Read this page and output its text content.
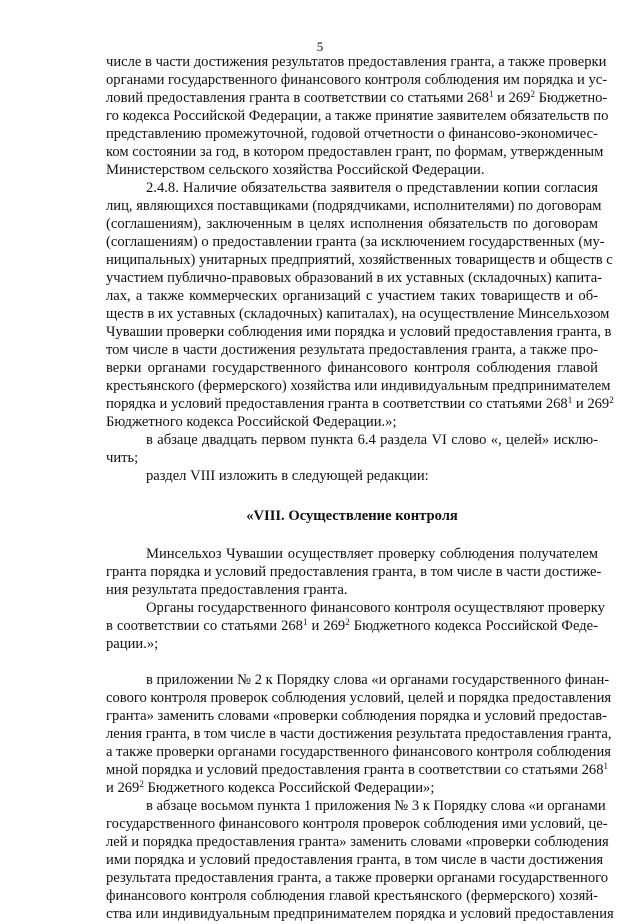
5
числе в части достижения результатов предоставления гранта, а также проверки
органами государственного финансового контроля соблюдения им порядка и ус-
ловий предоставления гранта в соответствии со статьями $268^1$ и $269^2$ Бюджетно-
го кодекса Российской Федерации, а также принятие заявителем обязательств по
представлению промежуточной, годовой отчетности о финансово-экономичес-
ком состоянии за год, в котором предоставлен грант, по формам, утвержденным
Министерством сельского хозяйства Российской Федерации.
2.4.8. Наличие обязательства заявителя о представлении копии согласия
лиц, являющихся поставщиками (подрядчиками, исполнителями) по договорам
(соглашениям), заключенным в целях исполнения обязательств по договорам
(соглашениям) о предоставлении гранта (за исключением государственных (му-
ниципальных) унитарных предприятий, хозяйственных товариществ и обществ с
участием публично-правовых образований в их уставных (складочных) капита-
лах, а также коммерческих организаций с участием таких товариществ и об-
ществ в их уставных (складочных) капиталах), на осуществление Минсельхозом
Чувашии проверки соблюдения ими порядка и условий предоставления гранта, в
том числе в части достижения результата предоставления гранта, а также про-
верки органами государственного финансового контроля соблюдения главой
крестьянского (фермерского) хозяйства или индивидуальным предпринимателем
порядка и условий предоставления гранта в соответствии со статьями $268^1$ и $269^2$
Бюджетного кодекса Российской Федерации.»;
в абзаце двадцать первом пункта 6.4 раздела VI слово «, целей» исклю-
чить;
раздел VIII изложить в следующей редакции:
«VIII. Осуществление контроля
Минсельхоз Чувашии осуществляет проверку соблюдения получателем
гранта порядка и условий предоставления гранта, в том числе в части достиже-
ния результата предоставления гранта.
Органы государственного финансового контроля осуществляют проверку
в соответствии со статьями $268^1$ и $269^2$ Бюджетного кодекса Российской Феде-
рации.»;
в приложении № 2 к Порядку слова «и органами государственного финан-
сового контроля проверок соблюдения условий, целей и порядка предоставления
гранта» заменить словами «проверки соблюдения порядка и условий предостав-
ления гранта, в том числе в части достижения результата предоставления гранта,
а также проверки органами государственного финансового контроля соблюдения
мной порядка и условий предоставления гранта в соответствии со статьями $268^1$
и $269^2$ Бюджетного кодекса Российской Федерации»;
в абзаце восьмом пункта 1 приложения № 3 к Порядку слова «и органами
государственного финансового контроля проверок соблюдения ими условий, це-
лей и порядка предоставления гранта» заменить словами «проверки соблюдения
ими порядка и условий предоставления гранта, в том числе в части достижения
результата предоставления гранта, а также проверки органами государственного
финансового контроля соблюдения главой крестьянского (фермерского) хозяй-
ства или индивидуальным предпринимателем порядка и условий предоставления
